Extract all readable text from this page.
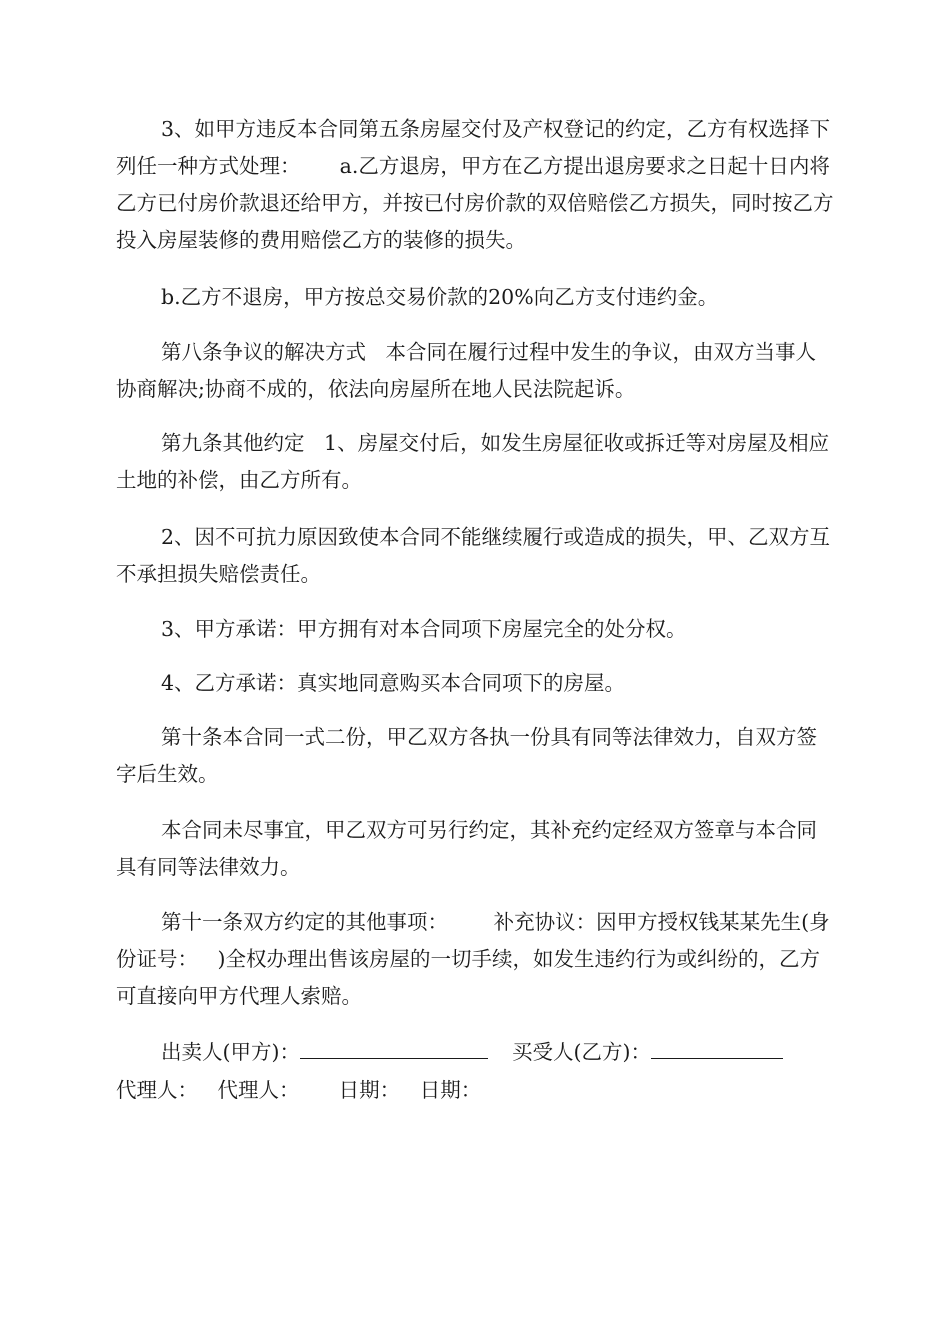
3、如甲方违反本合同第五条房屋交付及产权登记的约定，乙方有权选择下列任一种方式处理：      a.乙方退房，甲方在乙方提出退房要求之日起十日内将乙方已付房价款退还给甲方，并按已付房价款的双倍赔偿乙方损失，同时按乙方投入房屋装修的费用赔偿乙方的装修的损失。

b.乙方不退房，甲方按总交易价款的20%向乙方支付违约金。

第八条争议的解决方式   本合同在履行过程中发生的争议，由双方当事人协商解决;协商不成的，依法向房屋所在地人民法院起诉。

第九条其他约定   1、房屋交付后，如发生房屋征收或拆迁等对房屋及相应土地的补偿，由乙方所有。

2、因不可抗力原因致使本合同不能继续履行或造成的损失，甲、乙双方互不承担损失赔偿责任。

3、甲方承诺：甲方拥有对本合同项下房屋完全的处分权。

4、乙方承诺：真实地同意购买本合同项下的房屋。

第十条本合同一式二份，甲乙双方各执一份具有同等法律效力，自双方签字后生效。

本合同未尽事宜，甲乙双方可另行约定，其补充约定经双方签章与本合同具有同等法律效力。

第十一条双方约定的其他事项：       补充协议：因甲方授权钱某某先生(身份证号：   )全权办理出售该房屋的一切手续，如发生违约行为或纠纷的，乙方可直接向甲方代理人索赔。

出卖人(甲方)：	买受人(乙方)：
代理人：   代理人：      日期：   日期：
